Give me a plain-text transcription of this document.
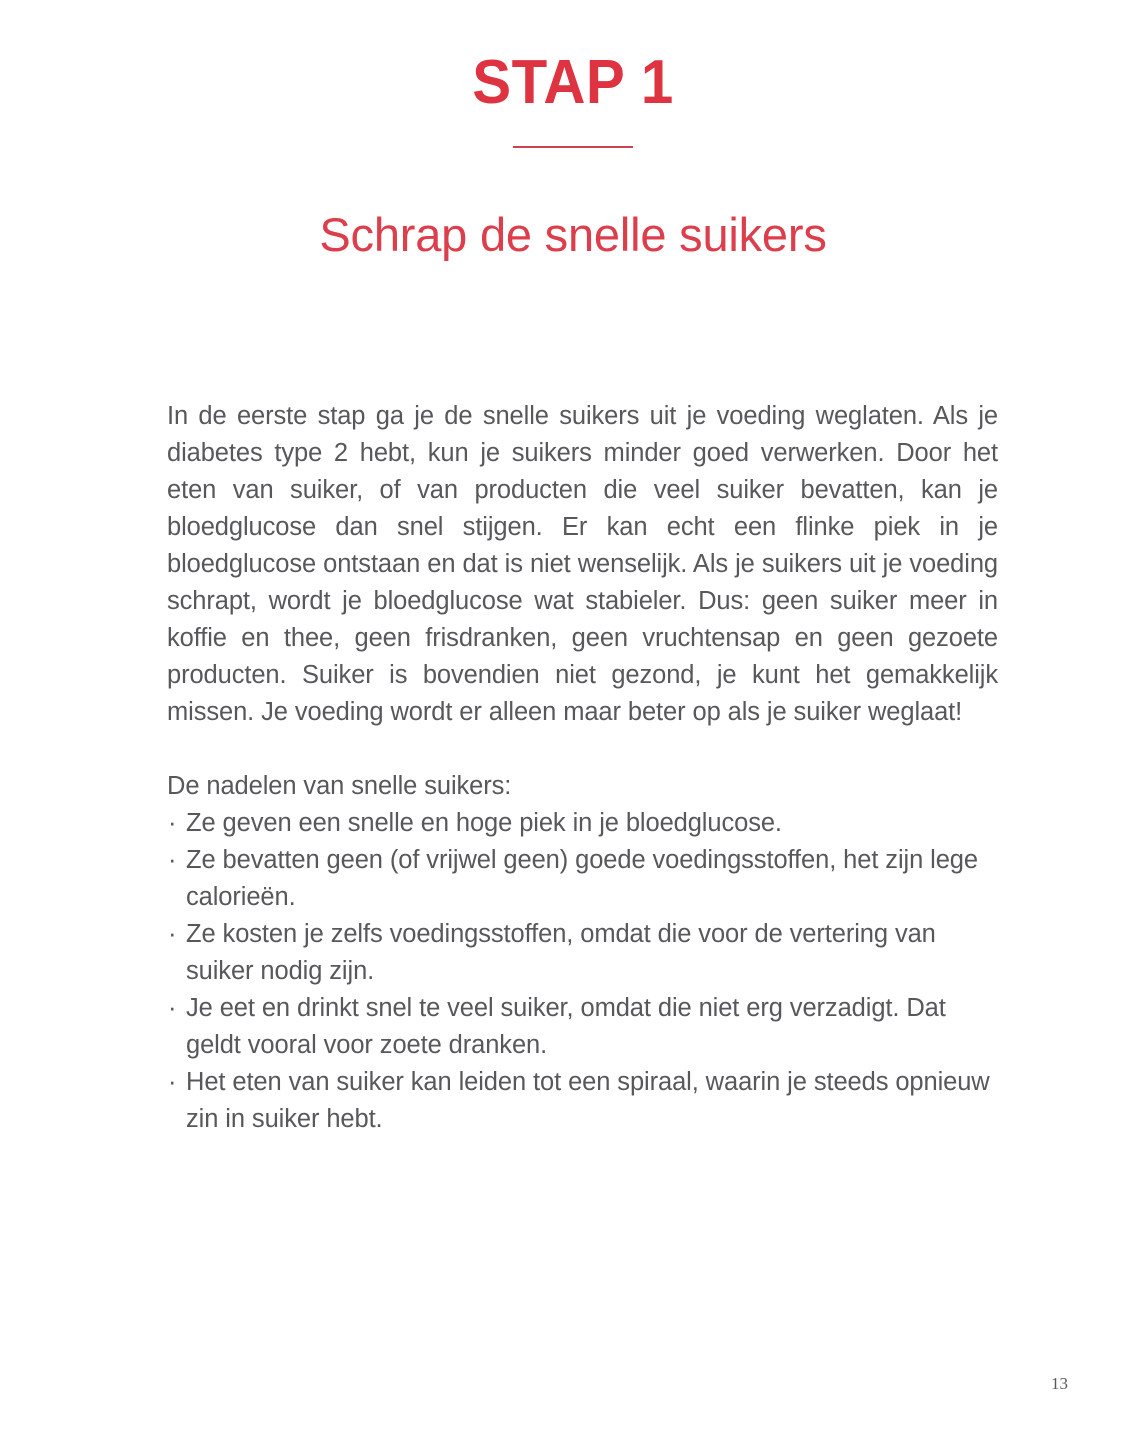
STAP 1
Schrap de snelle suikers

In de eerste stap ga je de snelle suikers uit je voeding weglaten. Als je diabetes type 2 hebt, kun je suikers minder goed verwerken. Door het eten van suiker, of van producten die veel suiker bevatten, kan je bloedglucose dan snel stijgen. Er kan echt een flinke piek in je bloedglucose ontstaan en dat is niet wenselijk. Als je suikers uit je voeding schrapt, wordt je bloedglucose wat stabieler. Dus: geen suiker meer in koffie en thee, geen frisdranken, geen vruchtensap en geen gezoete producten. Suiker is bovendien niet gezond, je kunt het gemakkelijk missen. Je voeding wordt er alleen maar beter op als je suiker weglaat!

De nadelen van snelle suikers:

· Ze geven een snelle en hoge piek in je bloedglucose.
· Ze bevatten geen (of vrijwel geen) goede voedingsstoffen, het zijn lege calorieën.
· Ze kosten je zelfs voedingsstoffen, omdat die voor de vertering van suiker nodig zijn.
· Je eet en drinkt snel te veel suiker, omdat die niet erg verzadigt. Dat geldt vooral voor zoete dranken.
· Het eten van suiker kan leiden tot een spiraal, waarin je steeds opnieuw zin in suiker hebt.
13
